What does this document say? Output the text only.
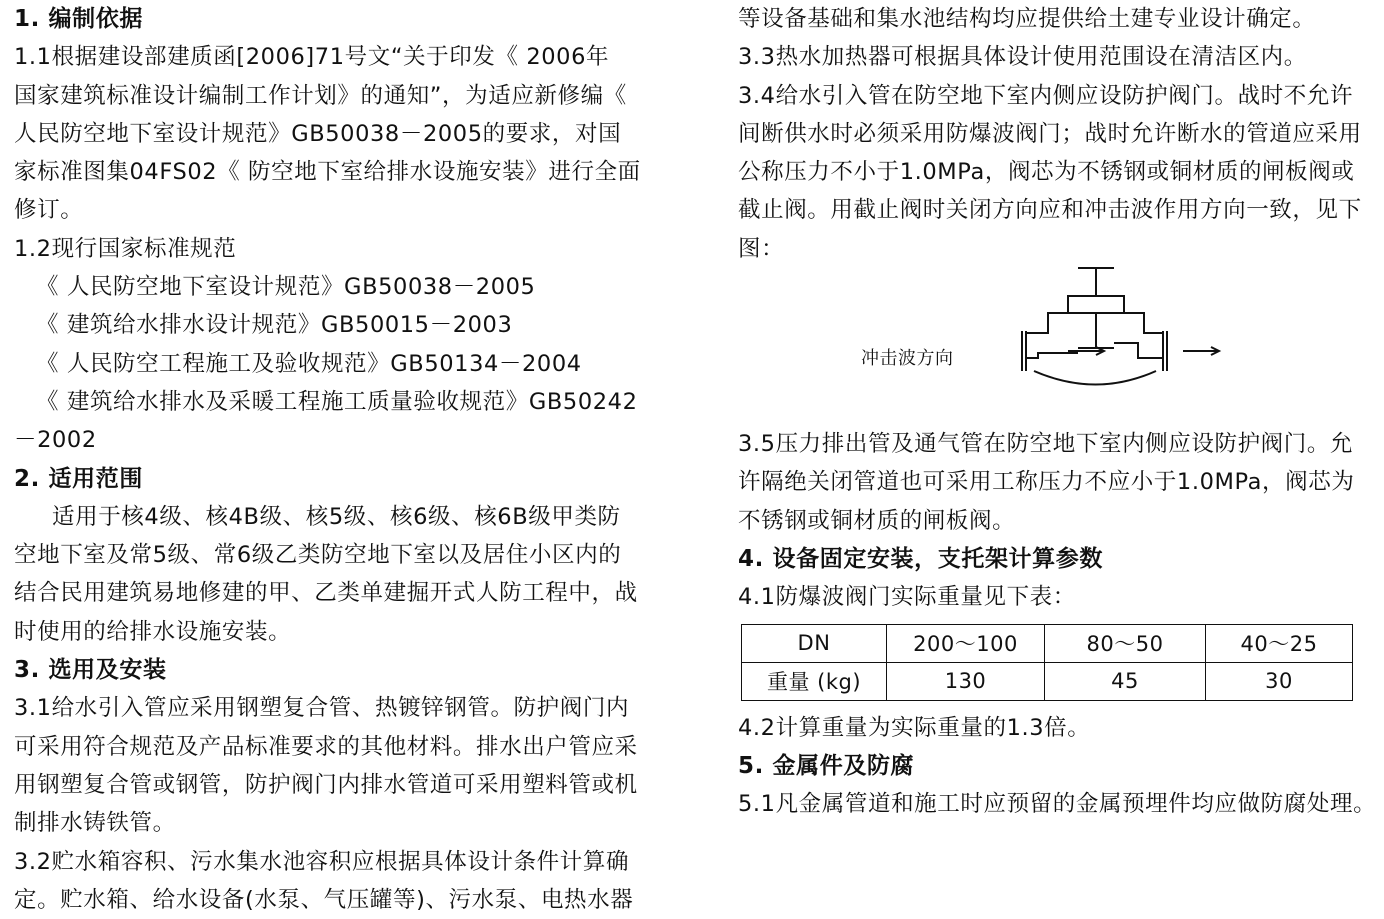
1. 编制依据
1.1根据建设部建质函[2006]71号文“关于印发《 2006年
国家建筑标准设计编制工作计划》的通知”，为适应新修编《
人民防空地下室设计规范》GB50038－2005的要求，对国
家标准图集04FS02《 防空地下室给排水设施安装》进行全面
修订。
1.2现行国家标准规范
《 人民防空地下室设计规范》GB50038－2005
《 建筑给水排水设计规范》GB50015－2003
《 人民防空工程施工及验收规范》GB50134－2004
《 建筑给水排水及采暖工程施工质量验收规范》GB50242
－2002
2. 适用范围
适用于核4级、核4B级、核5级、核6级、核6B级甲类防
空地下室及常5级、常6级乙类防空地下室以及居住小区内的
结合民用建筑易地修建的甲、乙类单建掘开式人防工程中，战
时使用的给排水设施安装。
3. 选用及安装
3.1给水引入管应采用钢塑复合管、热镀锌钢管。防护阀门内
可采用符合规范及产品标准要求的其他材料。排水出户管应采
用钢塑复合管或钢管，防护阀门内排水管道可采用塑料管或机
制排水铸铁管。
3.2贮水箱容积、污水集水池容积应根据具体设计条件计算确
定。贮水箱、给水设备(水泵、气压罐等)、污水泵、电热水器
等设备基础和集水池结构均应提供给土建专业设计确定。
3.3热水加热器可根据具体设计使用范围设在清洁区内。
3.4给水引入管在防空地下室内侧应设防护阀门。战时不允许
间断供水时必须采用防爆波阀门；战时允许断水的管道应采用
公称压力不小于1.0MPa，阀芯为不锈钢或铜材质的闸板阀或
截止阀。用截止阀时关闭方向应和冲击波作用方向一致，见下
图：
冲击波方向
3.5压力排出管及通气管在防空地下室内侧应设防护阀门。允
许隔绝关闭管道也可采用工称压力不应小于1.0MPa，阀芯为
不锈钢或铜材质的闸板阀。
4. 设备固定安装，支托架计算参数
4.1防爆波阀门实际重量见下表：
DN	200～100	80～50	40～25
重量 (kg)	130	45	30
4.2计算重量为实际重量的1.3倍。
5. 金属件及防腐
5.1凡金属管道和施工时应预留的金属预埋件均应做防腐处理。
